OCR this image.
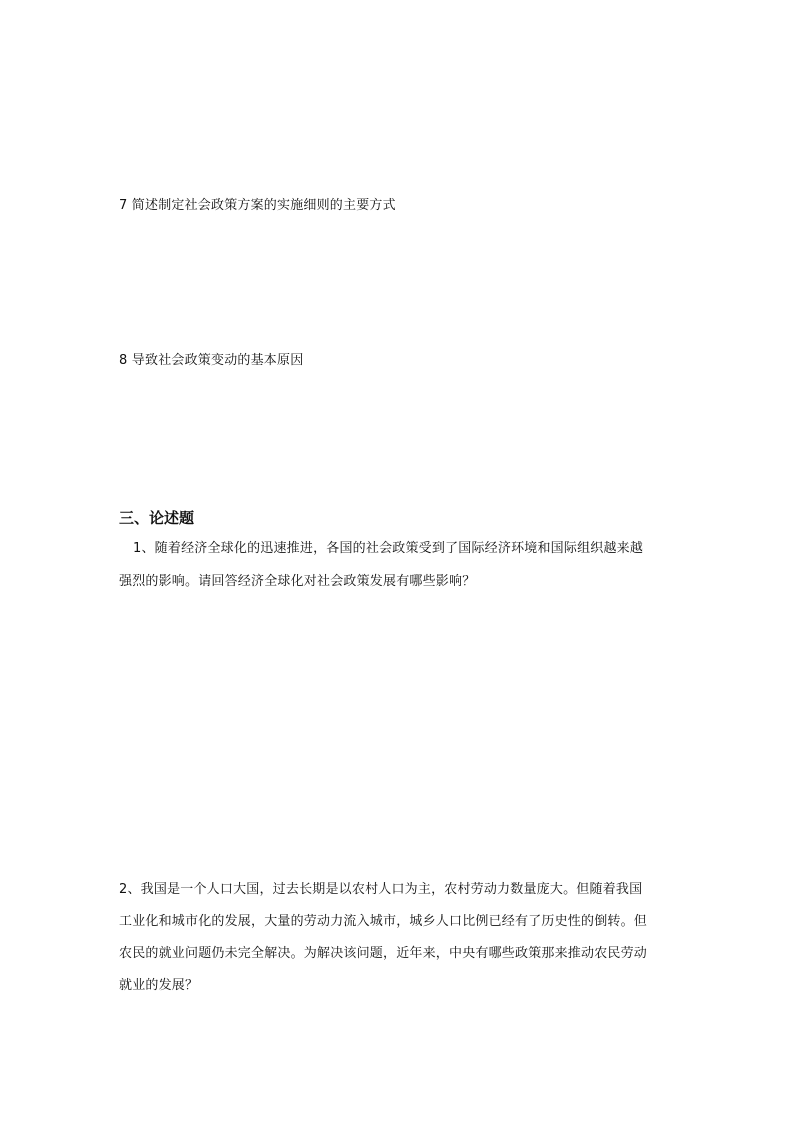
7 简述制定社会政策方案的实施细则的主要方式
8 导致社会政策变动的基本原因
三、论述题
1、随着经济全球化的迅速推进，各国的社会政策受到了国际经济环境和国际组织越来越
强烈的影响。请回答经济全球化对社会政策发展有哪些影响？
2、我国是一个人口大国，过去长期是以农村人口为主，农村劳动力数量庞大。但随着我国
工业化和城市化的发展，大量的劳动力流入城市，城乡人口比例已经有了历史性的倒转。但
农民的就业问题仍未完全解决。为解决该问题，近年来，中央有哪些政策那来推动农民劳动
就业的发展？
